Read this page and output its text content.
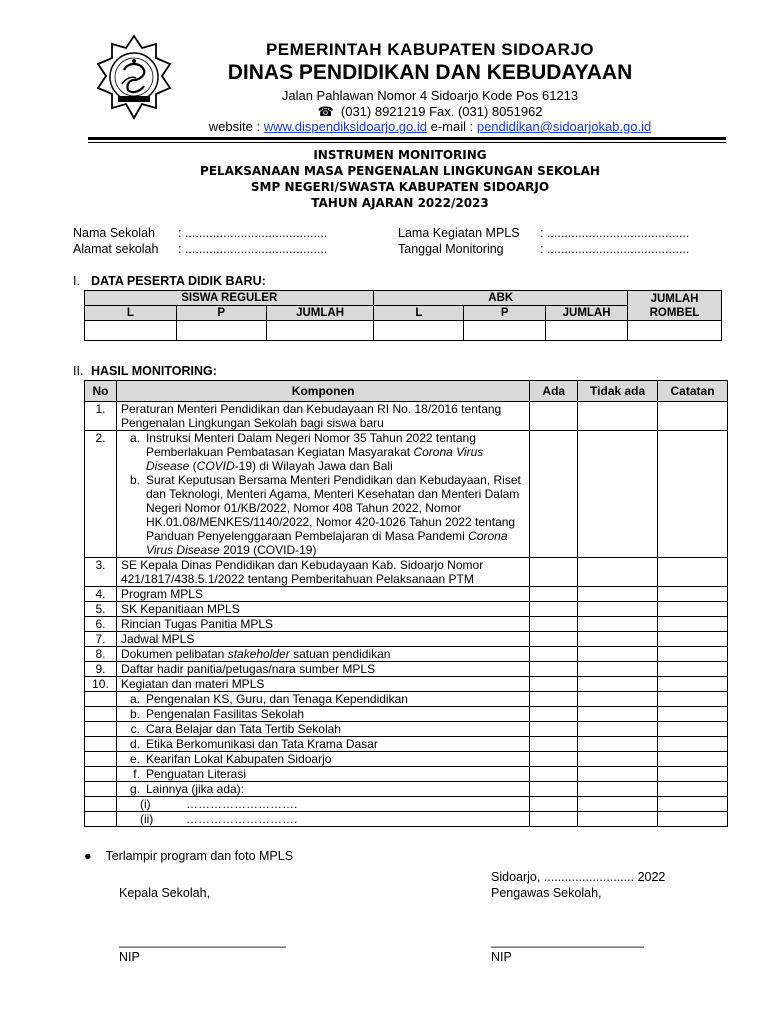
PEMERINTAH KABUPATEN SIDOARJO
DINAS PENDIDIKAN DAN KEBUDAYAAN
Jalan Pahlawan Nomor 4 Sidoarjo Kode Pos 61213
☎ (031) 8921219 Fax. (031) 8051962
website : www.dispendiksidoarjo.go.id e-mail : pendidikan@sidoarjokab.go.id
INSTRUMEN MONITORING
PELAKSANAAN MASA PENGENALAN LINGKUNGAN SEKOLAH
SMP NEGERI/SWASTA KABUPATEN SIDOARJO
TAHUN AJARAN 2022/2023
Nama Sekolah : .........................................
Alamat sekolah : .........................................
Lama Kegiatan MPLS : .........................................
Tanggal Monitoring	: .........................................
I. DATA PESERTA DIDIK BARU:
SISWA REGULER			ABK			JUMLAH ROMBEL
L	P	JUMLAH	L	P	JUMLAH	

II. HASIL MONITORING:
No	Komponen	Ada	Tidak ada	Catatan
1.	Peraturan Menteri Pendidikan dan Kebudayaan RI No. 18/2016 tentang Pengenalan Lingkungan Sekolah bagi siswa baru			
2.	a. Instruksi Menteri Dalam Negeri Nomor 35 Tahun 2022 tentang Pemberlakuan Pembatasan Kegiatan Masyarakat Corona Virus Disease (COVID-19) di Wilayah Jawa dan Bali
b. Surat Keputusan Bersama Menteri Pendidikan dan Kebudayaan, Riset dan Teknologi, Menteri Agama, Menteri Kesehatan dan Menteri Dalam Negeri Nomor 01/KB/2022, Nomor 408 Tahun 2022, Nomor HK.01.08/MENKES/1140/2022, Nomor 420-1026 Tahun 2022 tentang Panduan Penyelenggaraan Pembelajaran di Masa Pandemi Corona Virus Disease 2019 (COVID-19)			

3.	SE Kepala Dinas Pendidikan dan Kebudayaan Kab. Sidoarjo Nomor 421/1817/438.5.1/2022 tentang Pemberitahuan Pelaksanaan PTM			
4.	Program MPLS			
5.	SK Kepanitiaan MPLS			
6.	Rincian Tugas Panitia MPLS			
7.	Jadwal MPLS			
8.	Dokumen pelibatan stakeholder satuan pendidikan			
9.	Daftar hadir panitia/petugas/nara sumber MPLS			
10.	Kegiatan dan materi MPLS			

	a. Pengenalan KS, Guru, dan Tenaga Kependidikan			

	b. Pengenalan Fasilitas Sekolah			

	c. Cara Belajar dan Tata Tertib Sekolah			

	d. Etika Berkomunikasi dan Tata Krama Dasar			

	e. Kearifan Lokal Kabupaten Sidoarjo			

	f. Penguatan Literasi			

	g. Lainnya (jika ada):			

	(i) ……………………….			

	(ii) ……………………….			

● Terlampir program dan foto MPLS
Sidoarjo, .......................... 2022
Kepala Sekolah,	Pengawas Sekolah,
________________________	______________________
NIP	NIP
